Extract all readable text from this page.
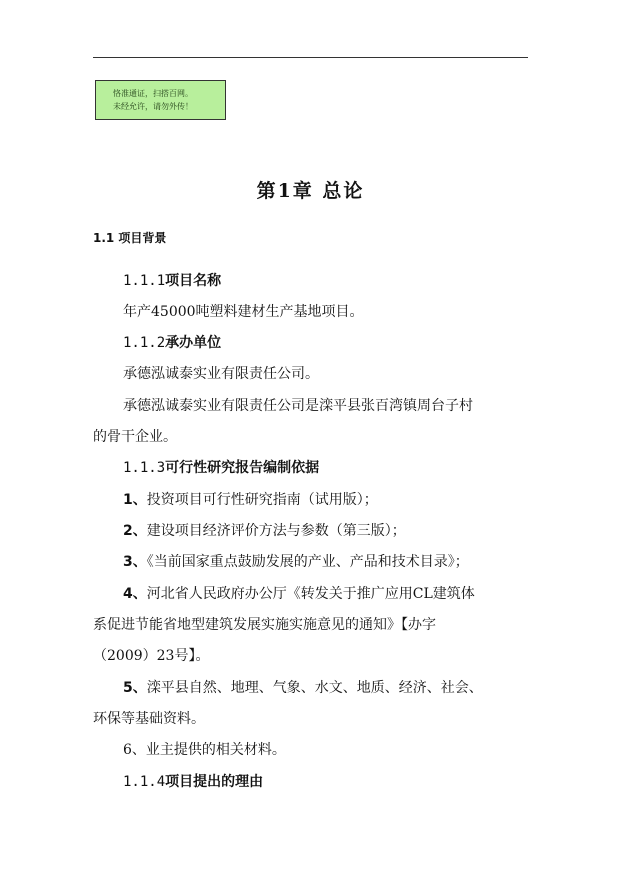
恪准通证，扫搭百网。
未经允许，请勿外传！
第1章 总论
1.1 项目背景
1.1.1项目名称
年产45000吨塑料建材生产基地项目。
1.1.2承办单位
承德泓诚泰实业有限责任公司。
承德泓诚泰实业有限责任公司是滦平县张百湾镇周台子村
的骨干企业。
1.1.3可行性研究报告编制依据
1、投资项目可行性研究指南（试用版）；
2、建设项目经济评价方法与参数（第三版）；
3、《当前国家重点鼓励发展的产业、产品和技术目录》；
4、河北省人民政府办公厅《转发关于推广应用CL建筑体
系促进节能省地型建筑发展实施实施意见的通知》【办字
（2009）23号】。
5、滦平县自然、地理、气象、水文、地质、经济、社会、
环保等基础资料。
6、业主提供的相关材料。
1.1.4项目提出的理由
